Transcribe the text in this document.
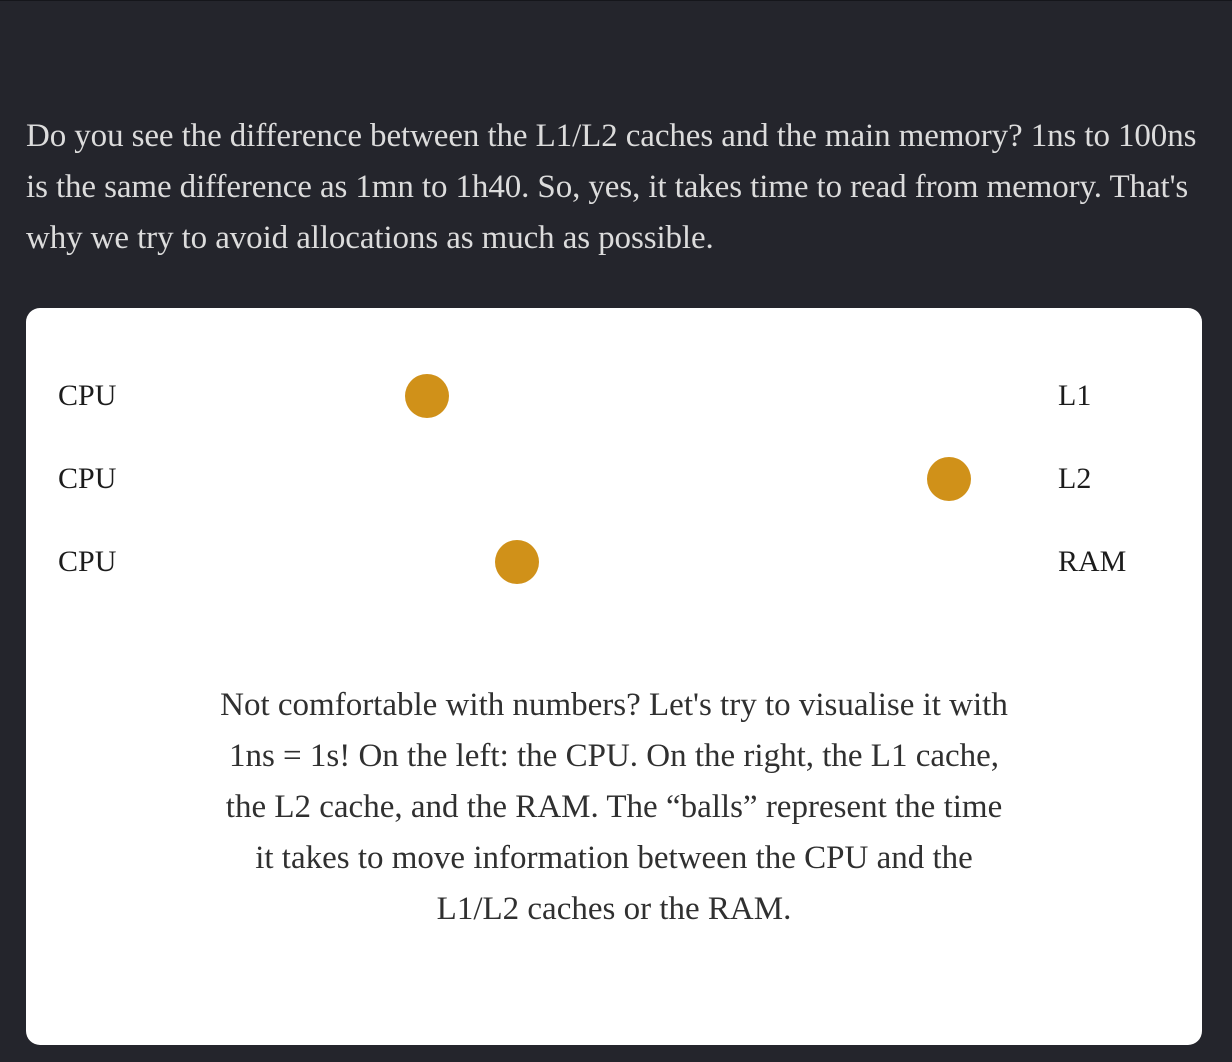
Do you see the difference between the L1/L2 caches and the main memory? 1ns to 100ns is the same difference as 1mn to 1h40. So, yes, it takes time to read from memory. That's why we try to avoid allocations as much as possible.

CPU	L1
CPU	L2
CPU	RAM

Not comfortable with numbers? Let's try to visualise it with 1ns = 1s! On the left: the CPU. On the right, the L1 cache, the L2 cache, and the RAM. The “balls” represent the time it takes to move information between the CPU and the L1/L2 caches or the RAM.
